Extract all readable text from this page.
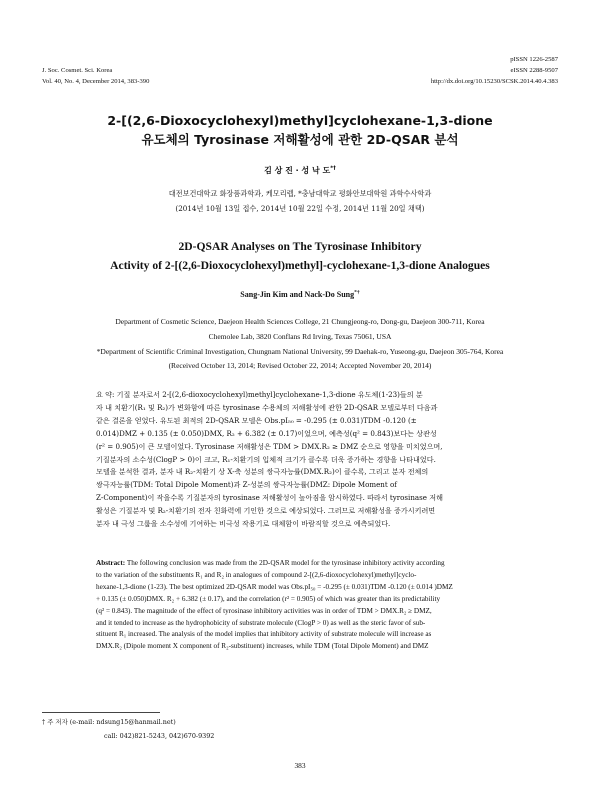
J. Soc. Cosmet. Sci. Korea
Vol. 40, No. 4, December 2014, 383-390
pISSN 1226-2587
eISSN 2288-9507
http://dx.doi.org/10.15230/SCSK.2014.40.4.383
2-[(2,6-Dioxocyclohexyl)methyl]cyclohexane-1,3-dione
유도체의 Tyrosinase 저해활성에 관한 2D-QSAR 분석
김 상 진 · 성 낙 도*†
대전보건대학교 화장품과학과, 케모리렙, *충남대학교 평화안보대학원 과학수사학과
(2014년 10월 13일 접수, 2014년 10월 22일 수정, 2014년 11월 20일 채택)
2D-QSAR Analyses on The Tyrosinase Inhibitory
Activity of 2-[(2,6-Dioxocyclohexyl)methyl]-cyclohexane-1,3-dione Analogues
Sang-Jin Kim and Nack-Do Sung*†
Department of Cosmetic Science, Daejeon Health Sciences College, 21 Chungjeong-ro, Dong-gu, Daejeon 300-711, Korea
Chemolee Lab, 3820 Conflans Rd Irving, Texas 75061, USA
*Department of Scientific Criminal Investigation, Chungnam National University, 99 Daehak-ro, Yuseong-gu, Daejeon 305-764, Korea
(Received October 13, 2014; Revised October 22, 2014; Accepted November 20, 2014)
요 약: 기질 분자로서 2-[(2,6-dioxocyclohexyl)methyl]cyclohexane-1,3-dione 유도체(1-23)들의 분
자 내 치환기(R₁ 및 R₂)가 변화함에 따른 tyrosinase 수용체의 저해활성에 관한 2D-QSAR 모델로부터 다음과
같은 결론을 얻었다. 유도된 최적의 2D-QSAR 모델은 Obs.pI₅₀ = -0.295 (± 0.031)TDM -0.120 (±
0.014)DMZ + 0.135 (± 0.050)DMX, R₂ + 6.382 (± 0.17)이었으며, 예측성(q² = 0.843)보다는 상관성
(r² = 0.905)이 큰 모델이었다. Tyrosinase 저해활성은 TDM > DMX.R₂ ≥ DMZ 순으로 영향을 미치었으며,
기질분자의 소수성(ClogP > 0)이 크고, R₁-치환기의 입체적 크기가 클수록 더욱 증가하는 경향을 나타내었다.
모델을 분석한 결과, 분자 내 R₂-치환기 상 X-축 성분의 쌍극자능률(DMX.R₂)이 클수록, 그리고 분자 전체의
쌍극자능률(TDM: Total Dipole Moment)과 Z-성분의 쌍극자능률(DMZ: Dipole Moment of
Z-Component)이 작을수록 기질분자의 tyrosinase 저해활성이 높아짐을 암시하였다. 따라서 tyrosinase 저해
활성은 기질분자 및 R₂-치환기의 전자 친화력에 기인한 것으로 예상되었다. 그러므로 저해활성을 증가시키려면
분자 내 극성 그룹을 소수성에 기여하는 비극성 작용기로 대체함이 바람직할 것으로 예측되었다.
Abstract: The following conclusion was made from the 2D-QSAR model for the tyrosinase inhibitory activity according
to the variation of the substituents R₁ and R₂ in analogues of compound 2-[(2,6-dioxocyclohexyl)methyl]cyclo-
hexane-1,3-dione (1-23). The best optimized 2D-QSAR model was Obs.pI₅₀ = -0.295 (± 0.031)TDM -0.120 (± 0.014 )DMZ
+ 0.135 (± 0.050)DMX. R₂ + 6.382 (± 0.17), and the correlation (r² = 0.905) of which was greater than its predictability
(q² = 0.843). The magnitude of the effect of tyrosinase inhibitory activities was in order of TDM > DMX.R₂ ≥ DMZ,
and it tended to increase as the hydrophobicity of substrate molecule (ClogP > 0) as well as the steric favor of sub-
stituent R₁ increased. The analysis of the model implies that inhibitory activity of substrate molecule will increase as
DMX.R₂ (Dipole moment X component of R₂-substituent) increases, while TDM (Total Dipole Moment) and DMZ
† 주 저자 (e-mail: ndsung15@hanmail.net)
call: 042)821-5243, 042)670-9392
383
